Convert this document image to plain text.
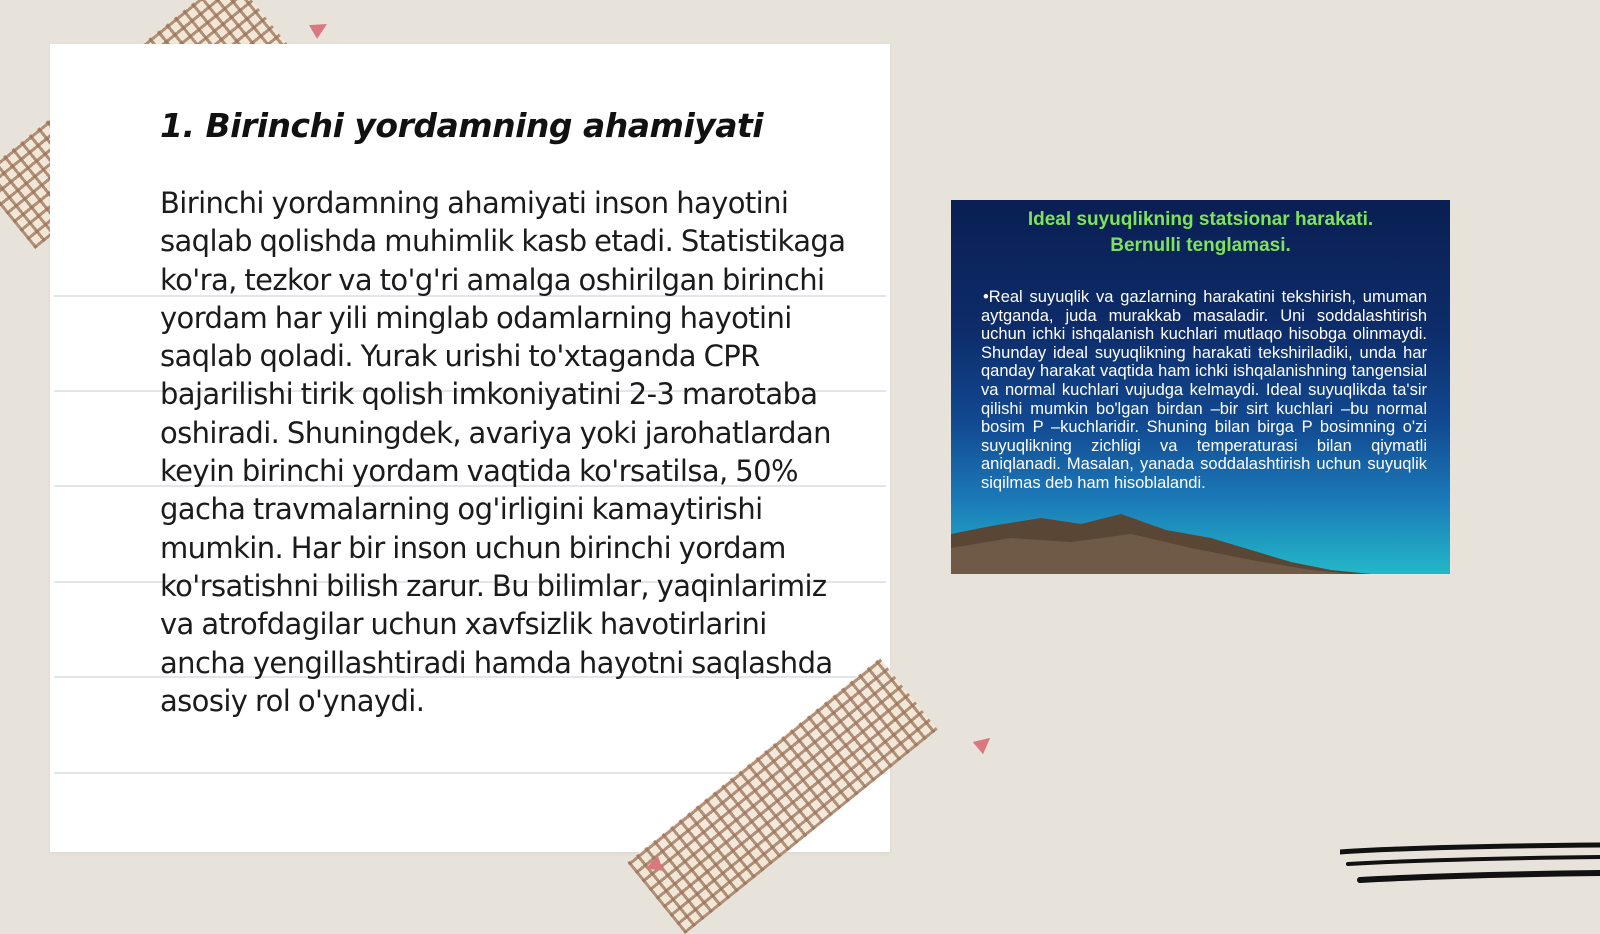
1. Birinchi yordamning ahamiyati

Birinchi yordamning ahamiyati inson hayotini saqlab qolishda muhimlik kasb etadi. Statistikaga ko'ra, tezkor va to'g'ri amalga oshirilgan birinchi yordam har yili minglab odamlarning hayotini saqlab qoladi. Yurak urishi to'xtaganda CPR bajarilishi tirik qolish imkoniyatini 2-3 marotaba oshiradi. Shuningdek, avariya yoki jarohatlardan keyin birinchi yordam vaqtida ko'rsatilsa, 50% gacha travmalarning og'irligini kamaytirishi mumkin. Har bir inson uchun birinchi yordam ko'rsatishni bilish zarur. Bu bilimlar, yaqinlarimiz va atrofdagilar uchun xavfsizlik havotirlarini ancha yengillashtiradi hamda hayotni saqlashda asosiy rol o'ynaydi.

Ideal suyuqlikning statsionar harakati.
Bernulli tenglamasi.

•Real suyuqlik va gazlarning harakatini tekshirish, umuman aytganda, juda murakkab masaladir. Uni soddalashtirish uchun ichki ishqalanish kuchlari mutlaqo hisobga olinmaydi. Shunday ideal suyuqlikning harakati tekshiriladiki, unda har qanday harakat vaqtida ham ichki ishqalanishning tangensial va normal kuchlari vujudga kelmaydi. Ideal suyuqlikda ta'sir qilishi mumkin bo'lgan birdan –bir sirt kuchlari –bu normal bosim P –kuchlaridir. Shuning bilan birga P bosimning o'zi suyuqlikning zichligi va temperaturasi bilan qiymatli aniqlanadi. Masalan, yanada soddalashtirish uchun suyuqlik siqilmas deb ham hisoblalandi.
